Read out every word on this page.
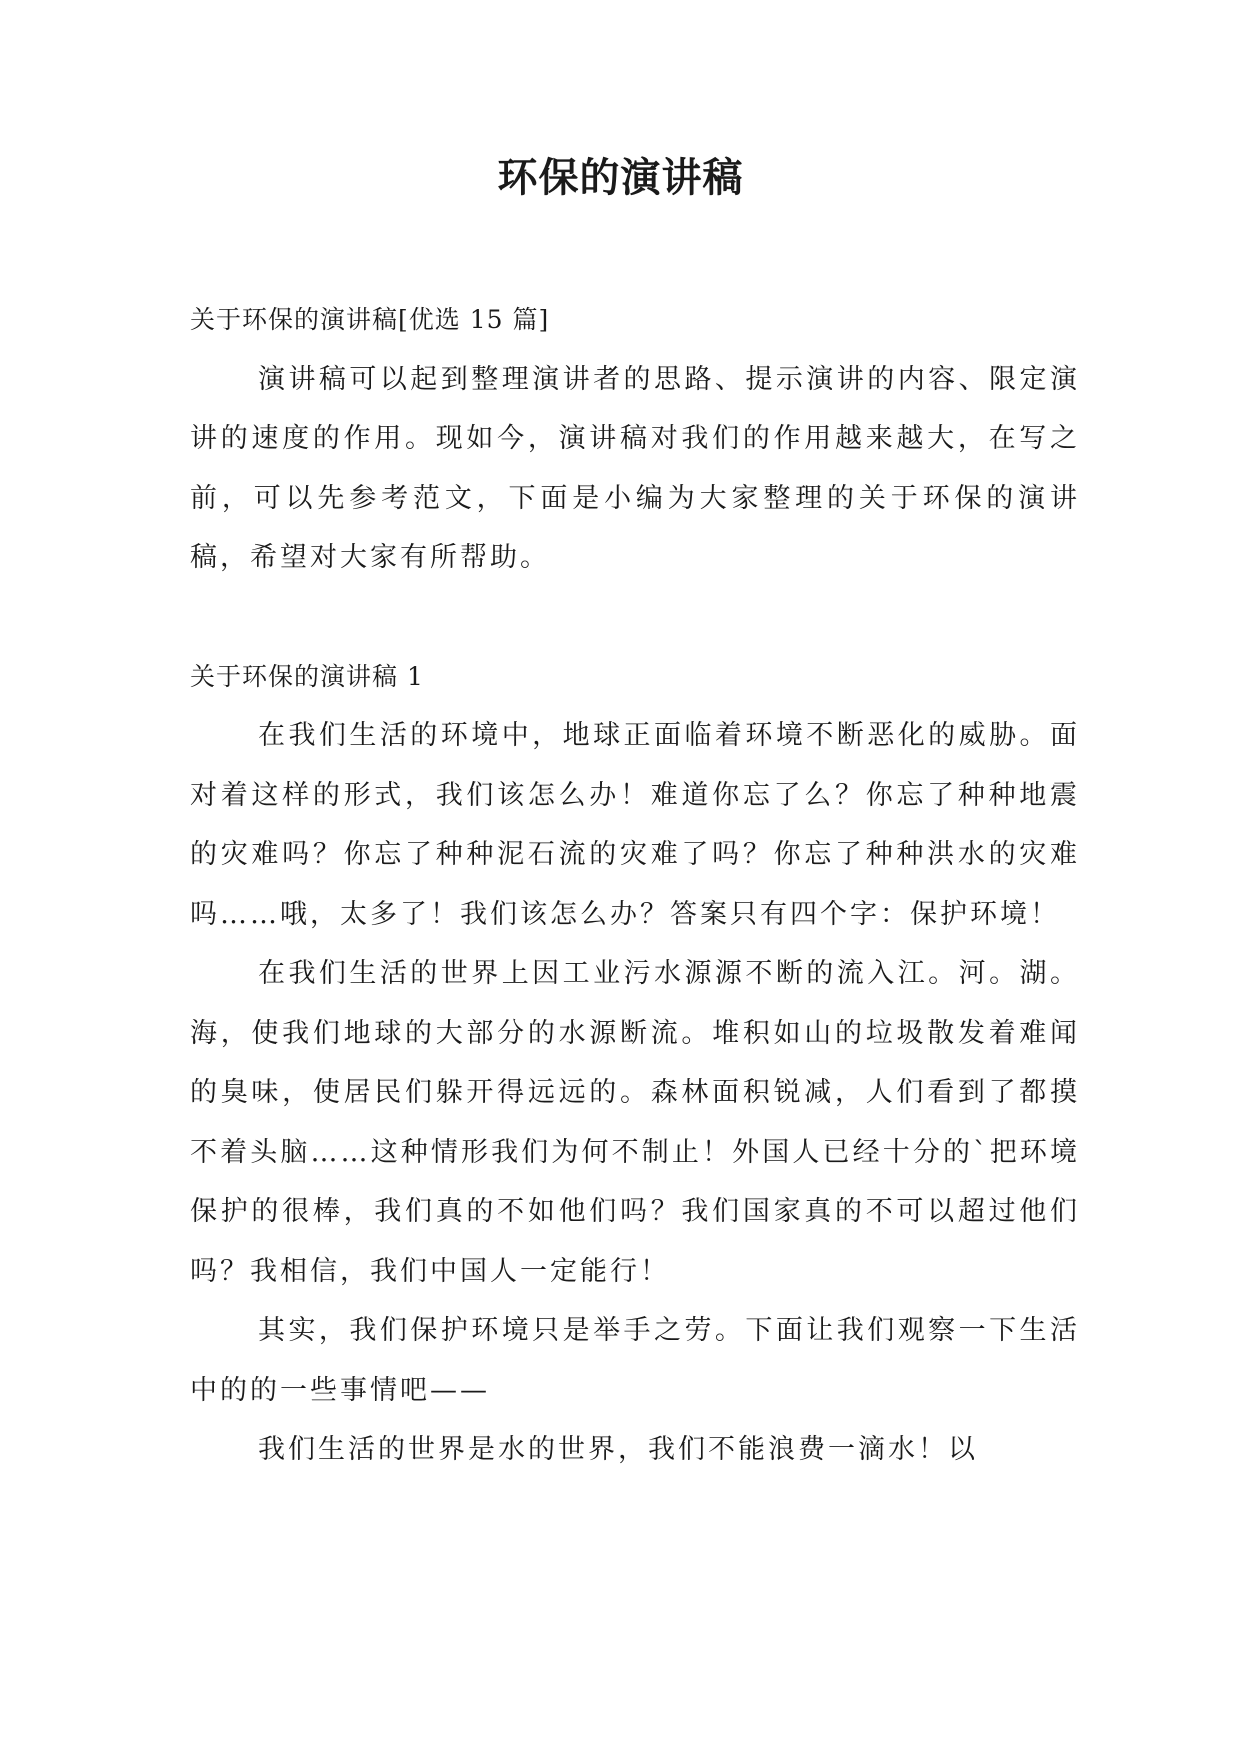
环保的演讲稿

关于环保的演讲稿[优选 15 篇]

演讲稿可以起到整理演讲者的思路、提示演讲的内容、限定演讲的速度的作用。现如今，演讲稿对我们的作用越来越大，在写之前，可以先参考范文，下面是小编为大家整理的关于环保的演讲稿，希望对大家有所帮助。

关于环保的演讲稿 1

在我们生活的环境中，地球正面临着环境不断恶化的威胁。面对着这样的形式，我们该怎么办！难道你忘了么？你忘了种种地震的灾难吗？你忘了种种泥石流的灾难了吗？你忘了种种洪水的灾难吗……哦，太多了！我们该怎么办？答案只有四个字：保护环境！

在我们生活的世界上因工业污水源源不断的流入江。河。湖。海，使我们地球的大部分的水源断流。堆积如山的垃圾散发着难闻的臭味，使居民们躲开得远远的。森林面积锐减，人们看到了都摸不着头脑……这种情形我们为何不制止！外国人已经十分的`把环境保护的很棒，我们真的不如他们吗？我们国家真的不可以超过他们吗？我相信，我们中国人一定能行！

其实，我们保护环境只是举手之劳。下面让我们观察一下生活中的的一些事情吧——

我们生活的世界是水的世界，我们不能浪费一滴水！以
